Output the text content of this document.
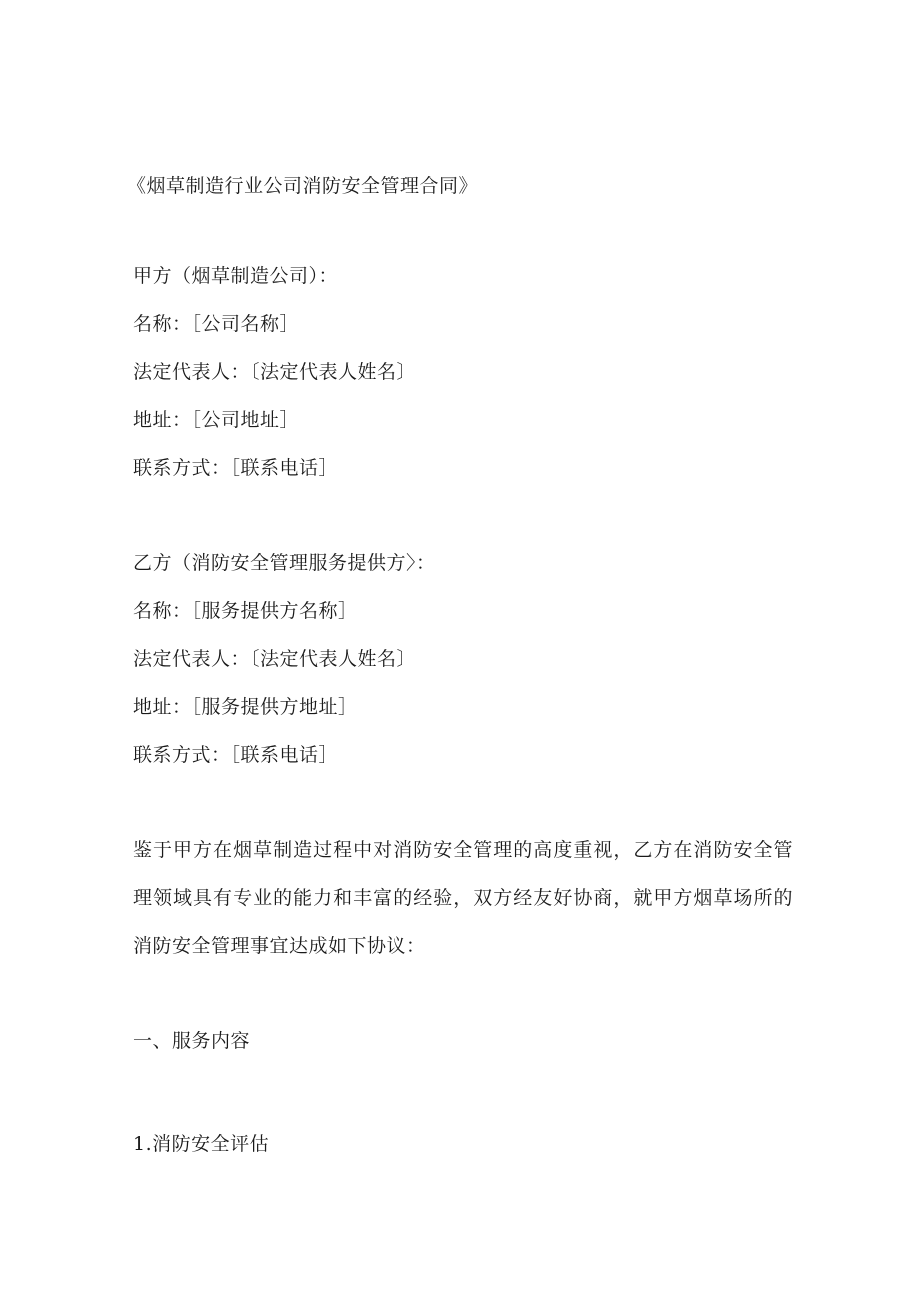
《烟草制造行业公司消防安全管理合同》
甲方（烟草制造公司）：
名称：［公司名称］
法定代表人：〔法定代表人姓名〕
地址：［公司地址］
联系方式：［联系电话］
乙方（消防安全管理服务提供方〉：
名称：［服务提供方名称］
法定代表人：〔法定代表人姓名〕
地址：［服务提供方地址］
联系方式：［联系电话］
鉴于甲方在烟草制造过程中对消防安全管理的高度重视，乙方在消防安全管理领域具有专业的能力和丰富的经验，双方经友好协商，就甲方烟草场所的消防安全管理事宜达成如下协议：
一、服务内容
1.消防安全评估
